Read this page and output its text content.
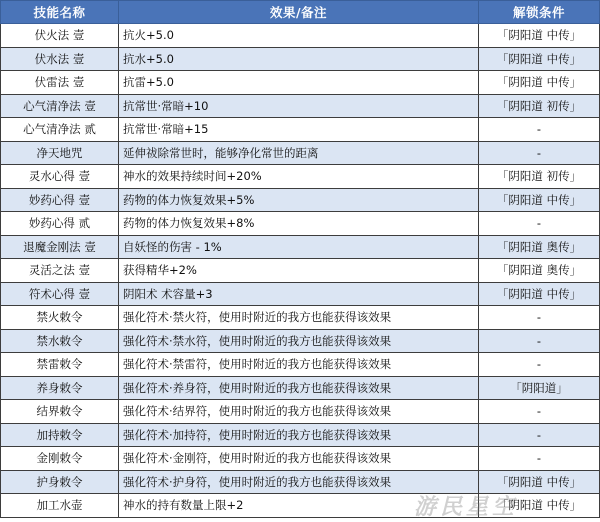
技能名称	效果/备注	解锁条件
伏火法 壹	抗火+5.0	「阴阳道 中传」
伏水法 壹	抗水+5.0	「阴阳道 中传」
伏雷法 壹	抗雷+5.0	「阴阳道 中传」
心气清净法 壹	抗常世·常暗+10	「阴阳道 初传」
心气清净法 贰	抗常世·常暗+15	-
净天地咒	延伸祓除常世时，能够净化常世的距离	-
灵水心得 壹	神水的效果持续时间+20%	「阴阳道 初传」
妙药心得 壹	药物的体力恢复效果+5%	「阴阳道 中传」
妙药心得 贰	药物的体力恢复效果+8%	-
退魔金刚法 壹	自妖怪的伤害 - 1%	「阴阳道 奥传」
灵活之法 壹	获得精华+2%	「阴阳道 奥传」
符术心得 壹	阴阳术 术容量+3	「阴阳道 中传」
禁火敕令	强化符术·禁火符，使用时附近的我方也能获得该效果	-
禁水敕令	强化符术·禁水符，使用时附近的我方也能获得该效果	-
禁雷敕令	强化符术·禁雷符，使用时附近的我方也能获得该效果	-
养身敕令	强化符术·养身符，使用时附近的我方也能获得该效果	「阴阳道」
结界敕令	强化符术·结界符，使用时附近的我方也能获得该效果	-
加持敕令	强化符术·加持符，使用时附近的我方也能获得该效果	-
金刚敕令	强化符术·金刚符，使用时附近的我方也能获得该效果	-
护身敕令	强化符术·护身符，使用时附近的我方也能获得该效果	「阴阳道 中传」
加工水壶	神水的持有数量上限+2	「阴阳道 中传」
游民星空
